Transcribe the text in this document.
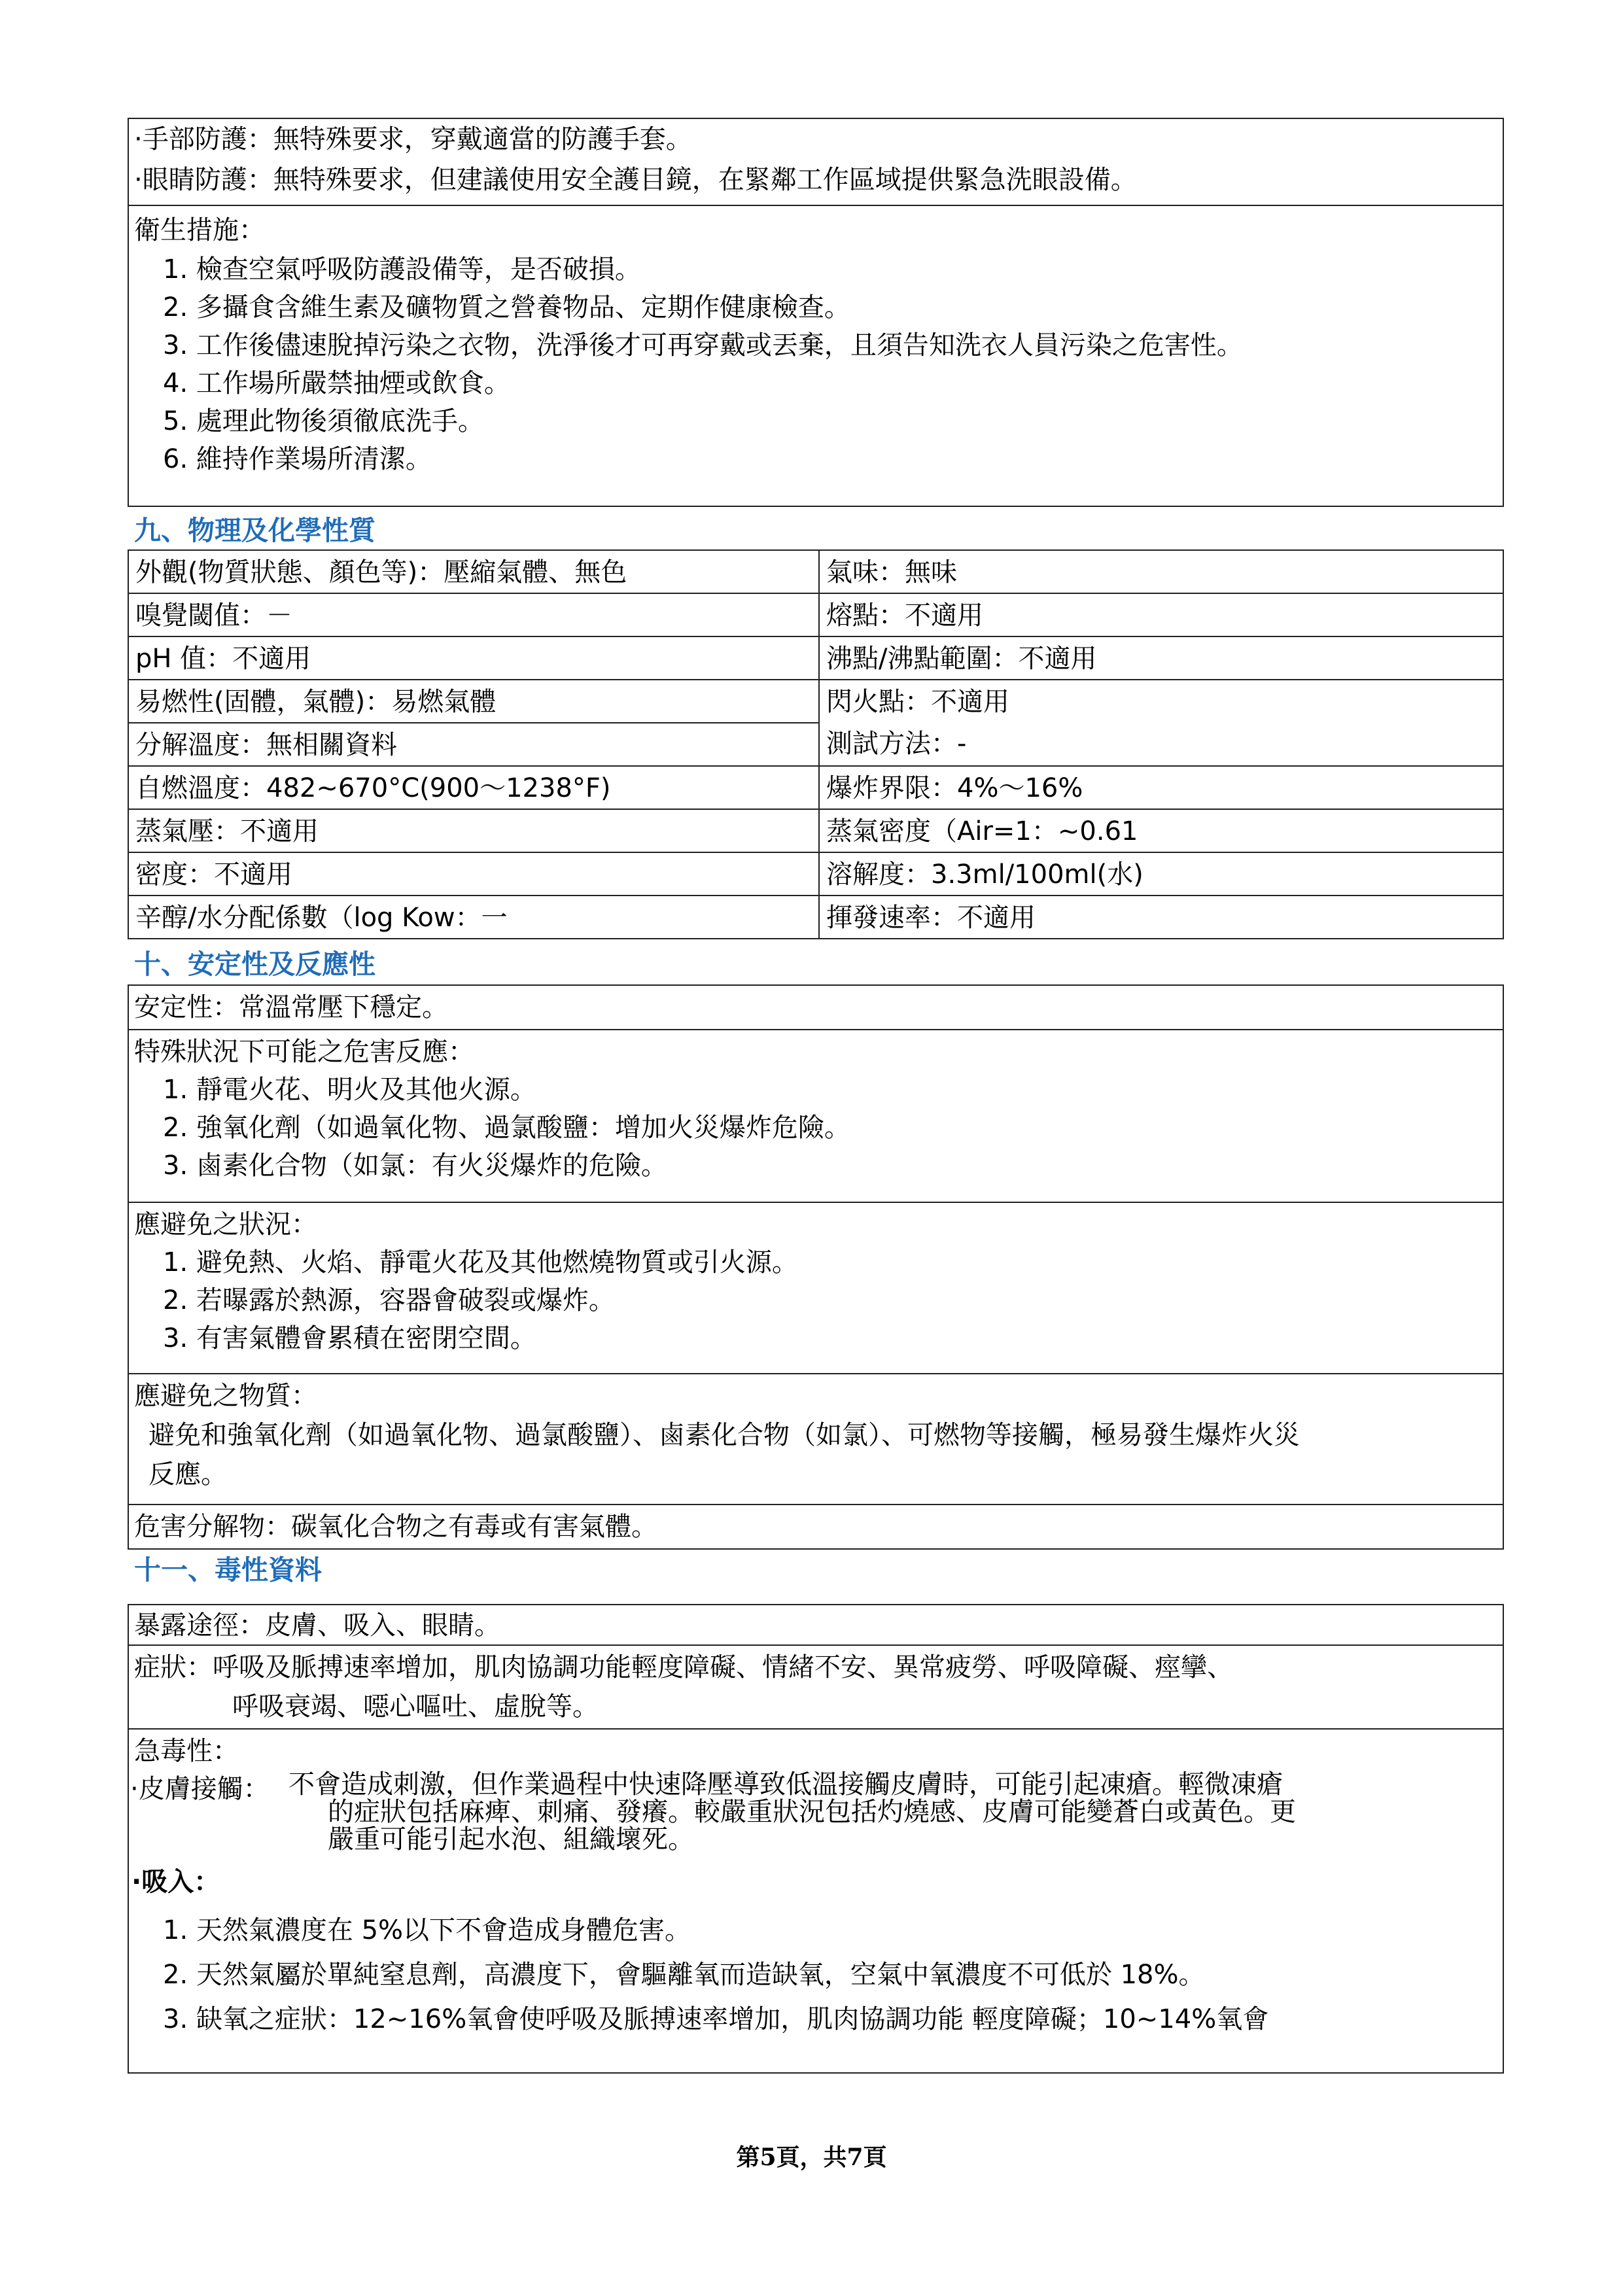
·手部防護：無特殊要求，穿戴適當的防護手套。
·眼睛防護：無特殊要求，但建議使用安全護目鏡，在緊鄰工作區域提供緊急洗眼設備。
衛生措施：
1. 檢查空氣呼吸防護設備等，是否破損。
2. 多攝食含維生素及礦物質之營養物品、定期作健康檢查。
3. 工作後儘速脫掉污染之衣物，洗淨後才可再穿戴或丟棄，且須告知洗衣人員污染之危害性。
4. 工作場所嚴禁抽煙或飲食。
5. 處理此物後須徹底洗手。
6. 維持作業場所清潔。
九、物理及化學性質
外觀(物質狀態、顏色等)：壓縮氣體、無色
嗅覺閾值：－
pH 值：不適用
易燃性(固體，氣體)：易燃氣體
分解溫度：無相關資料
自燃溫度：482~670°C(900～1238°F)
蒸氣壓：不適用
密度：不適用
辛醇/水分配係數（log Kow：一
氣味：無味
熔點：不適用
沸點/沸點範圍：不適用
閃火點：不適用
測試方法：-
爆炸界限：4%～16%
蒸氣密度（Air=1：~0.61
溶解度：3.3ml/100ml(水)
揮發速率：不適用
十、安定性及反應性
安定性：常溫常壓下穩定。
特殊狀況下可能之危害反應：
1. 靜電火花、明火及其他火源。
2. 強氧化劑（如過氧化物、過氯酸鹽：增加火災爆炸危險。
3. 鹵素化合物（如氯：有火災爆炸的危險。
應避免之狀況：
1. 避免熱、火焰、靜電火花及其他燃燒物質或引火源。
2. 若曝露於熱源，容器會破裂或爆炸。
3. 有害氣體會累積在密閉空間。
應避免之物質：
避免和強氧化劑（如過氧化物、過氯酸鹽）、鹵素化合物（如氯）、可燃物等接觸，極易發生爆炸火災
反應。
危害分解物：碳氧化合物之有毒或有害氣體。
十一、毒性資料
暴露途徑：皮膚、吸入、眼睛。
症狀：呼吸及脈搏速率增加，肌肉協調功能輕度障礙、情緒不安、異常疲勞、呼吸障礙、痙攣、
呼吸衰竭、噁心嘔吐、虛脫等。
急毒性：
·皮膚接觸： 不會造成刺激，但作業過程中快速降壓導致低溫接觸皮膚時，可能引起凍瘡。輕微凍瘡
的症狀包括麻痺、刺痛、發癢。較嚴重狀況包括灼燒感、皮膚可能變蒼白或黃色。更
嚴重可能引起水泡、組織壞死。
·吸入：
1. 天然氣濃度在 5%以下不會造成身體危害。
2. 天然氣屬於單純窒息劑，高濃度下，會驅離氧而造缺氧，空氣中氧濃度不可低於 18%。
3. 缺氧之症狀：12~16%氧會使呼吸及脈搏速率增加，肌肉協調功能 輕度障礙；10~14%氧會
第5頁，共7頁
